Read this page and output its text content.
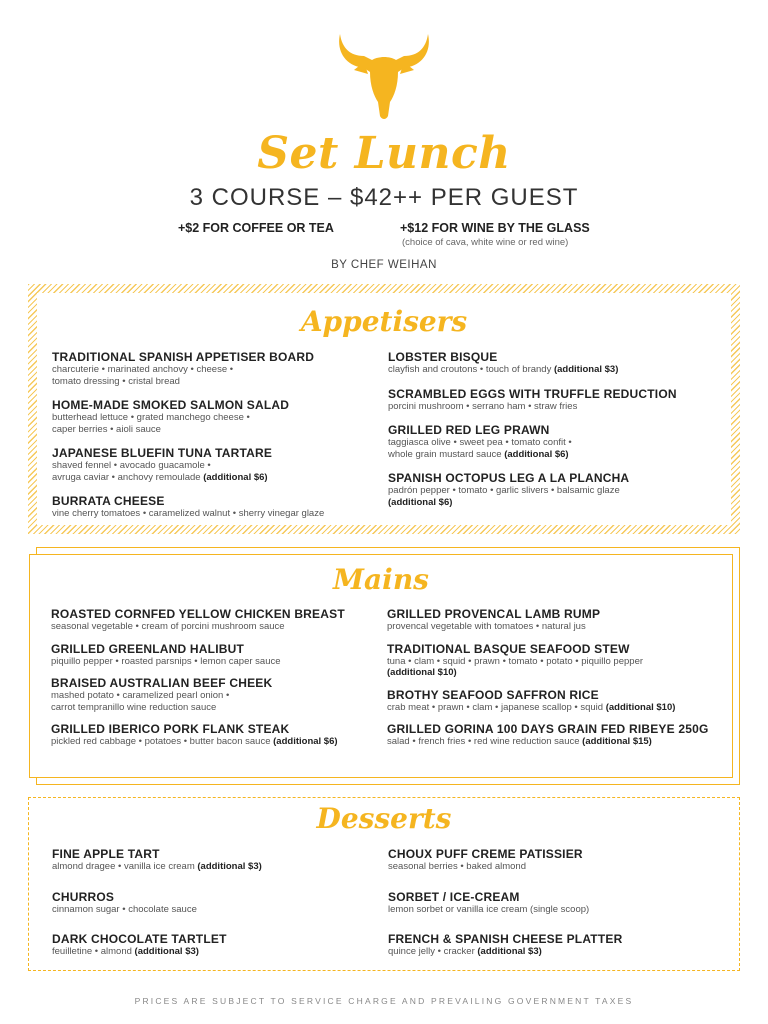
Set Lunch
3 COURSE – $42++ PER GUEST
+$2 FOR COFFEE OR TEA	+$12 FOR WINE BY THE GLASS
(choice of cava, white wine or red wine)
BY CHEF WEIHAN
Appetisers
TRADITIONAL SPANISH APPETISER BOARD
charcuterie • marinated anchovy • cheese •
tomato dressing • cristal bread
HOME-MADE SMOKED SALMON SALAD
butterhead lettuce • grated manchego cheese •
caper berries • aioli sauce
JAPANESE BLUEFIN TUNA TARTARE
shaved fennel • avocado guacamole •
avruga caviar • anchovy remoulade (additional $6)
BURRATA CHEESE
vine cherry tomatoes • caramelized walnut • sherry vinegar glaze
LOBSTER BISQUE
clayfish and croutons • touch of brandy (additional $3)
SCRAMBLED EGGS WITH TRUFFLE REDUCTION
porcini mushroom • serrano ham • straw fries
GRILLED RED LEG PRAWN
taggiasca olive • sweet pea • tomato confit •
whole grain mustard sauce (additional $6)
SPANISH OCTOPUS LEG A LA PLANCHA
padrón pepper • tomato • garlic slivers • balsamic glaze
(additional $6)
Mains
ROASTED CORNFED YELLOW CHICKEN BREAST
seasonal vegetable • cream of porcini mushroom sauce
GRILLED GREENLAND HALIBUT
piquillo pepper • roasted parsnips • lemon caper sauce
BRAISED AUSTRALIAN BEEF CHEEK
mashed potato • caramelized pearl onion •
carrot tempranillo wine reduction sauce
GRILLED IBERICO PORK FLANK STEAK
pickled red cabbage • potatoes • butter bacon sauce (additional $6)
GRILLED PROVENCAL LAMB RUMP
provencal vegetable with tomatoes • natural jus
TRADITIONAL BASQUE SEAFOOD STEW
tuna • clam • squid • prawn • tomato • potato • piquillo pepper
(additional $10)
BROTHY SEAFOOD SAFFRON RICE
crab meat • prawn • clam • japanese scallop • squid (additional $10)
GRILLED GORINA 100 DAYS GRAIN FED RIBEYE 250G
salad • french fries • red wine reduction sauce (additional $15)
Desserts
FINE APPLE TART
almond dragee • vanilla ice cream (additional $3)
CHURROS
cinnamon sugar • chocolate sauce
DARK CHOCOLATE TARTLET
feuilletine • almond (additional $3)
CHOUX PUFF CREME PATISSIER
seasonal berries • baked almond
SORBET / ICE-CREAM
lemon sorbet or vanilla ice cream (single scoop)
FRENCH & SPANISH CHEESE PLATTER
quince jelly • cracker (additional $3)
PRICES ARE SUBJECT TO SERVICE CHARGE AND PREVAILING GOVERNMENT TAXES
